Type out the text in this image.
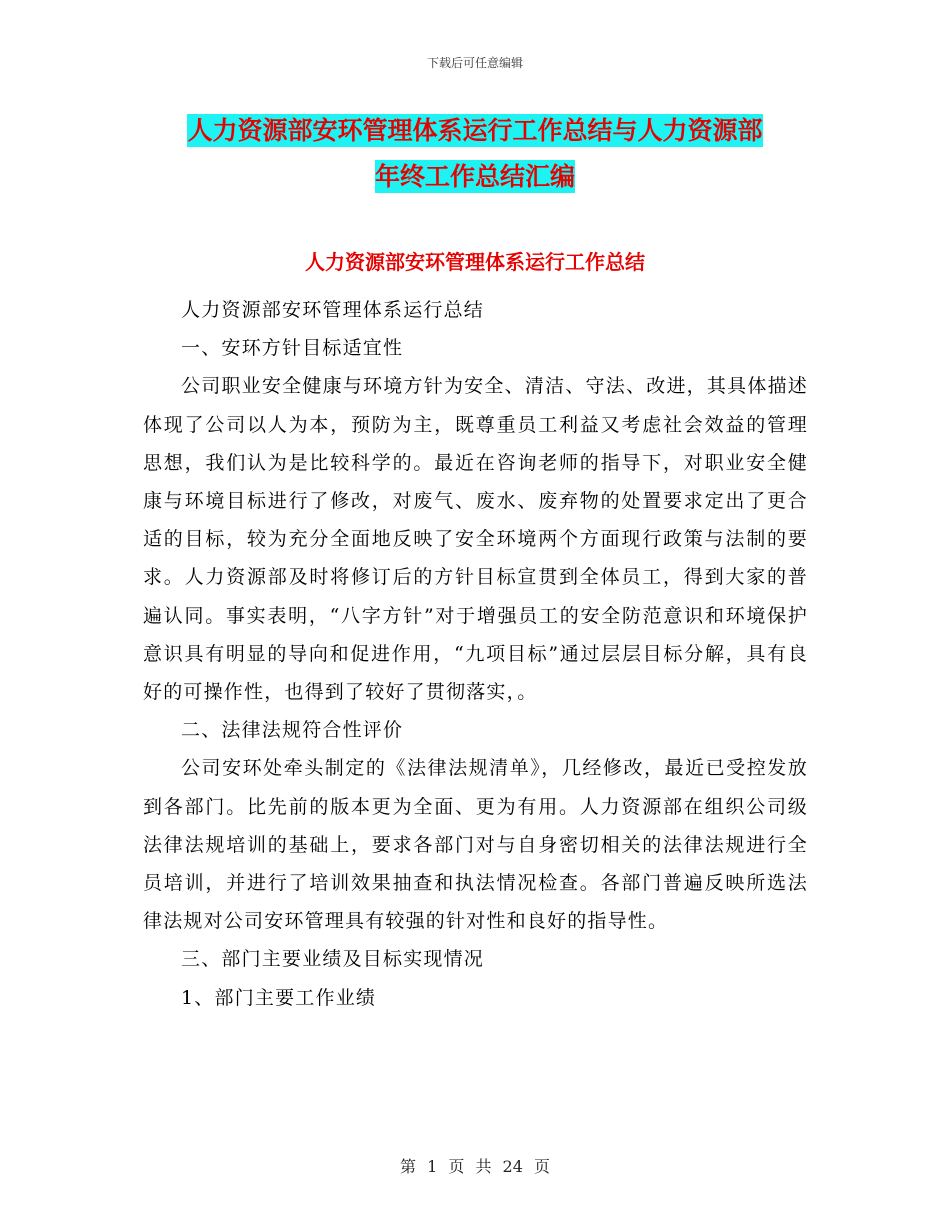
下载后可任意编辑
人力资源部安环管理体系运行工作总结与人力资源部
年终工作总结汇编
人力资源部安环管理体系运行工作总结

人力资源部安环管理体系运行总结

一、安环方针目标适宜性

公司职业安全健康与环境方针为安全、清洁、守法、改进，其具体描述体现了公司以人为本，预防为主，既尊重员工利益又考虑社会效益的管理思想，我们认为是比较科学的。最近在咨询老师的指导下，对职业安全健康与环境目标进行了修改，对废气、废水、废弃物的处置要求定出了更合适的目标，较为充分全面地反映了安全环境两个方面现行政策与法制的要求。人力资源部及时将修订后的方针目标宣贯到全体员工，得到大家的普遍认同。事实表明，“八字方针”对于增强员工的安全防范意识和环境保护意识具有明显的导向和促进作用，“九项目标”通过层层目标分解，具有良好的可操作性，也得到了较好了贯彻落实，。

二、法律法规符合性评价

公司安环处牵头制定的《法律法规清单》，几经修改，最近已受控发放到各部门。比先前的版本更为全面、更为有用。人力资源部在组织公司级法律法规培训的基础上，要求各部门对与自身密切相关的法律法规进行全员培训，并进行了培训效果抽查和执法情况检查。各部门普遍反映所选法律法规对公司安环管理具有较强的针对性和良好的指导性。

三、部门主要业绩及目标实现情况

1、部门主要工作业绩

第 1 页 共 24 页
